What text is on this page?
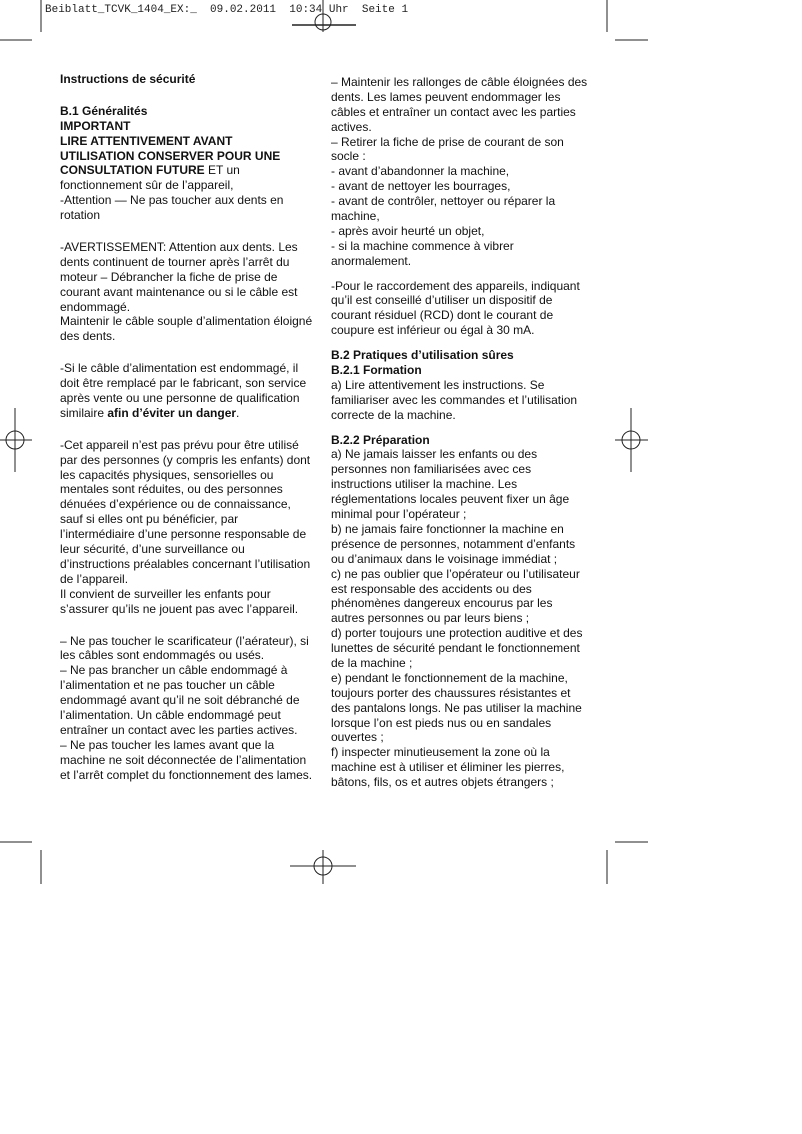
Beiblatt_TCVK_1404_EX:_  09.02.2011  10:34 Uhr  Seite 1
Instructions de sécurité
B.1 Généralités
IMPORTANT
LIRE ATTENTIVEMENT AVANT
UTILISATION CONSERVER POUR UNE
CONSULTATION FUTURE ET un
fonctionnement sûr de l’appareil,
-Attention — Ne pas toucher aux dents en
rotation
-AVERTISSEMENT: Attention aux dents. Les
dents continuent de tourner après l’arrêt du
moteur – Débrancher la fiche de prise de
courant avant maintenance ou si le câble est
endommagé.
Maintenir le câble souple d’alimentation éloigné
des dents.
-Si le câble d’alimentation est endommagé, il
doit être remplacé par le fabricant, son service
après vente ou une personne de qualification
similaire afin d’éviter un danger.
-Cet appareil n’est pas prévu pour être utilisé
par des personnes (y compris les enfants) dont
les capacités physiques, sensorielles ou
mentales sont réduites, ou des personnes
dénuées d’expérience ou de connaissance,
sauf si elles ont pu bénéficier, par
l’intermédiaire d’une personne responsable de
leur sécurité, d’une surveillance ou
d’instructions préalables concernant l’utilisation
de l’appareil.
Il convient de surveiller les enfants pour
s’assurer qu’ils ne jouent pas avec l’appareil.
– Ne pas toucher le scarificateur (l’aérateur), si
les câbles sont endommagés ou usés.
– Ne pas brancher un câble endommagé à
l’alimentation et ne pas toucher un câble
endommagé avant qu’il ne soit débranché de
l’alimentation. Un câble endommagé peut
entraîner un contact avec les parties actives.
– Ne pas toucher les lames avant que la
machine ne soit déconnectée de l’alimentation
et l’arrêt complet du fonctionnement des lames.
– Maintenir les rallonges de câble éloignées des
dents. Les lames peuvent endommager les
câbles et entraîner un contact avec les parties
actives.
– Retirer la fiche de prise de courant de son
socle :
- avant d’abandonner la machine,
- avant de nettoyer les bourrages,
- avant de contrôler, nettoyer ou réparer la
machine,
- après avoir heurté un objet,
- si la machine commence à vibrer
anormalement.
-Pour le raccordement des appareils, indiquant
qu’il est conseillé d’utiliser un dispositif de
courant résiduel (RCD) dont le courant de
coupure est inférieur ou égal à 30 mA.
B.2 Pratiques d’utilisation sûres
B.2.1 Formation
a) Lire attentivement les instructions. Se
familiariser avec les commandes et l’utilisation
correcte de la machine.
B.2.2 Préparation
a) Ne jamais laisser les enfants ou des
personnes non familiarisées avec ces
instructions utiliser la machine. Les
réglementations locales peuvent fixer un âge
minimal pour l’opérateur ;
b) ne jamais faire fonctionner la machine en
présence de personnes, notamment d’enfants
ou d’animaux dans le voisinage immédiat ;
c) ne pas oublier que l’opérateur ou l’utilisateur
est responsable des accidents ou des
phénomènes dangereux encourus par les
autres personnes ou par leurs biens ;
d) porter toujours une protection auditive et des
lunettes de sécurité pendant le fonctionnement
de la machine ;
e) pendant le fonctionnement de la machine,
toujours porter des chaussures résistantes et
des pantalons longs. Ne pas utiliser la machine
lorsque l’on est pieds nus ou en sandales
ouvertes ;
f) inspecter minutieusement la zone où la
machine est à utiliser et éliminer les pierres,
bâtons, fils, os et autres objets étrangers ;
